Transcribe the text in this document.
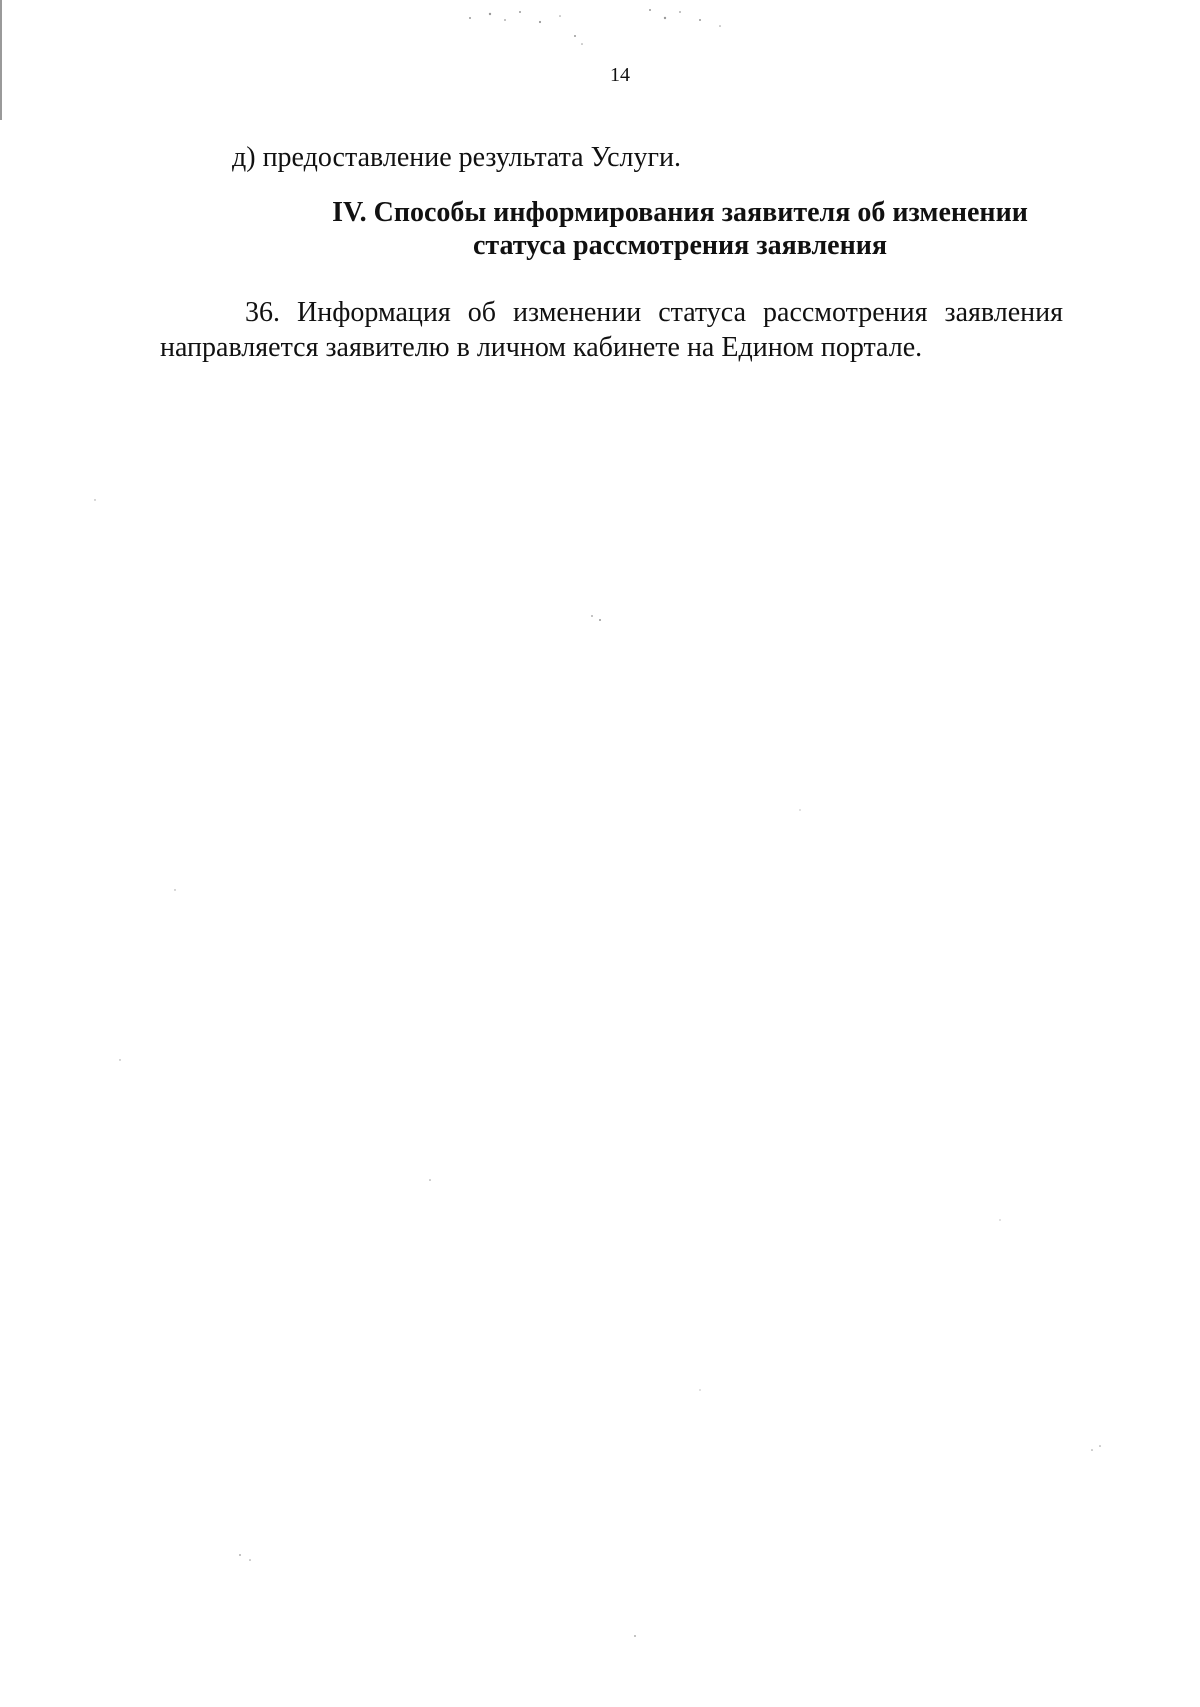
14
д) предоставление результата Услуги.
IV. Способы информирования заявителя об изменении
статуса рассмотрения заявления
36. Информация об изменении статуса рассмотрения заявления
направляется заявителю в личном кабинете на Едином портале.
